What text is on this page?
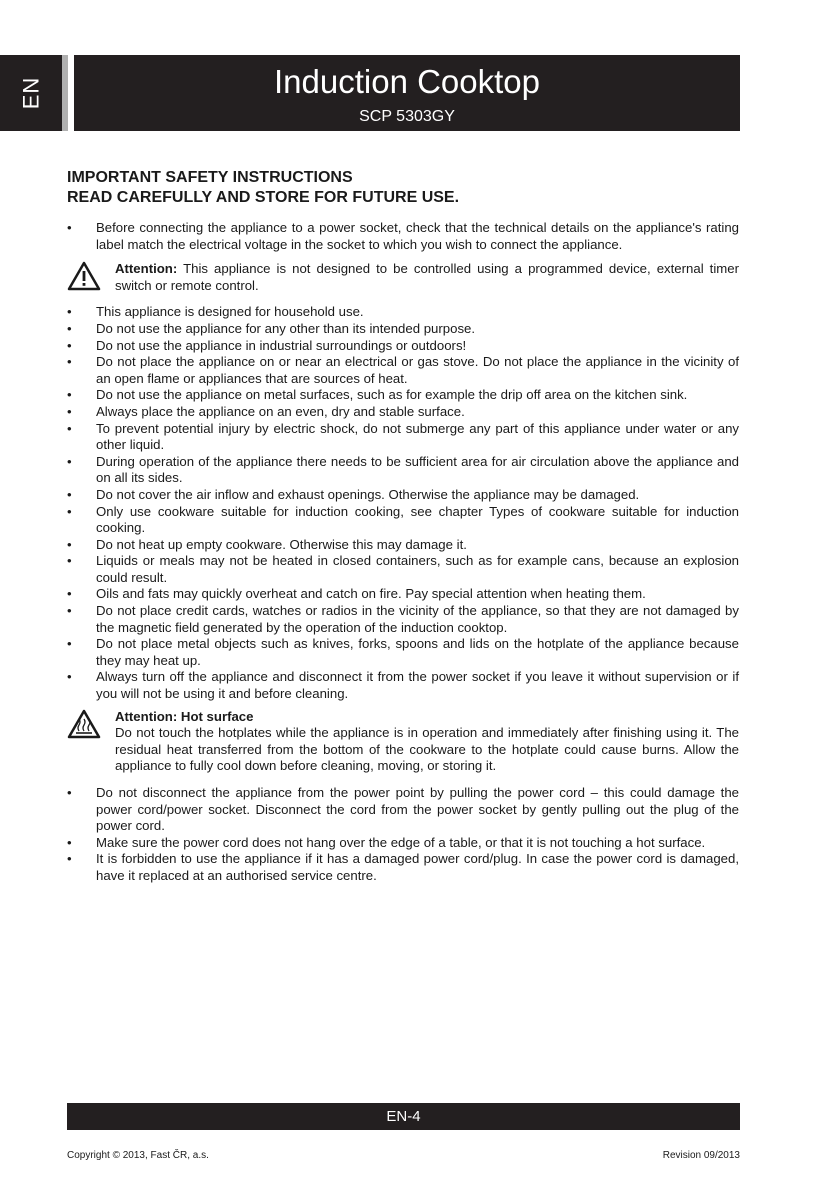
EN	Induction Cooktop
SCP 5303GY

IMPORTANT SAFETY INSTRUCTIONS

READ CAREFULLY AND STORE FOR FUTURE USE.

• Before connecting the appliance to a power socket, check that the technical details on the appliance's rating label match the electrical voltage in the socket to which you wish to connect the appliance.
Attention: This appliance is not designed to be controlled using a programmed device, external timer switch or remote control.
• This appliance is designed for household use.
• Do not use the appliance for any other than its intended purpose.
• Do not use the appliance in industrial surroundings or outdoors!
• Do not place the appliance on or near an electrical or gas stove. Do not place the appliance in the vicinity of an open flame or appliances that are sources of heat.
• Do not use the appliance on metal surfaces, such as for example the drip off area on the kitchen sink.
• Always place the appliance on an even, dry and stable surface.
• To prevent potential injury by electric shock, do not submerge any part of this appliance under water or any other liquid.
• During operation of the appliance there needs to be sufficient area for air circulation above the appliance and on all its sides.
• Do not cover the air inflow and exhaust openings. Otherwise the appliance may be damaged.
• Only use cookware suitable for induction cooking, see chapter Types of cookware suitable for induction cooking.
• Do not heat up empty cookware. Otherwise this may damage it.
• Liquids or meals may not be heated in closed containers, such as for example cans, because an explosion could result.
• Oils and fats may quickly overheat and catch on fire. Pay special attention when heating them.
• Do not place credit cards, watches or radios in the vicinity of the appliance, so that they are not damaged by the magnetic field generated by the operation of the induction cooktop.
• Do not place metal objects such as knives, forks, spoons and lids on the hotplate of the appliance because they may heat up.
• Always turn off the appliance and disconnect it from the power socket if you leave it without supervision or if you will not be using it and before cleaning.
Attention: Hot surface
Do not touch the hotplates while the appliance is in operation and immediately after finishing using it. The residual heat transferred from the bottom of the cookware to the hotplate could cause burns. Allow the appliance to fully cool down before cleaning, moving, or storing it.
• Do not disconnect the appliance from the power point by pulling the power cord – this could damage the power cord/power socket. Disconnect the cord from the power socket by gently pulling out the plug of the power cord.
• Make sure the power cord does not hang over the edge of a table, or that it is not touching a hot surface.
• It is forbidden to use the appliance if it has a damaged power cord/plug. In case the power cord is damaged, have it replaced at an authorised service centre.
EN-4
Copyright © 2013, Fast ČR, a.s.	Revision 09/2013
